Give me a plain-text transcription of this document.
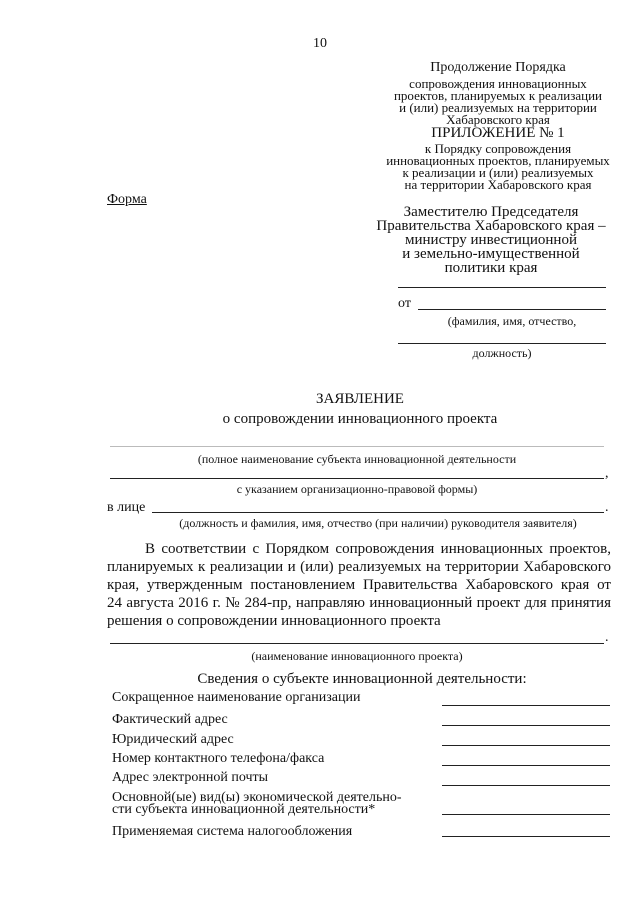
10
Продолжение Порядка
сопровождения инновационных
проектов, планируемых к реализации
и (или) реализуемых на территории
Хабаровского края
ПРИЛОЖЕНИЕ № 1
к Порядку сопровождения
инновационных проектов, планируемых
к реализации и (или) реализуемых
на территории Хабаровского края
Форма
Заместителю Председателя
Правительства Хабаровского края –
министру инвестиционной
и земельно-имущественной
политики края
от
(фамилия, имя, отчество,
должность)
ЗАЯВЛЕНИЕ
о сопровождении инновационного проекта
(полное наименование субъекта инновационной деятельности
,
с указанием организационно-правовой формы)
в лице	.
(должность и фамилия, имя, отчество (при наличии) руководителя заявителя)
В соответствии с Порядком сопровождения инновационных проектов,
планируемых к реализации и (или) реализуемых на территории Хабаровского
края, утвержденным постановлением Правительства Хабаровского края от
24 августа 2016 г. № 284-пр, направляю инновационный проект для принятия
решения о сопровождении инновационного проекта
.
(наименование инновационного проекта)
Сведения о субъекте инновационной деятельности:
Сокращенное наименование организации
Фактический адрес
Юридический адрес
Номер контактного телефона/факса
Адрес электронной почты
Основной(ые) вид(ы) экономической деятельно-
сти субъекта инновационной деятельности*
Применяемая система налогообложения
